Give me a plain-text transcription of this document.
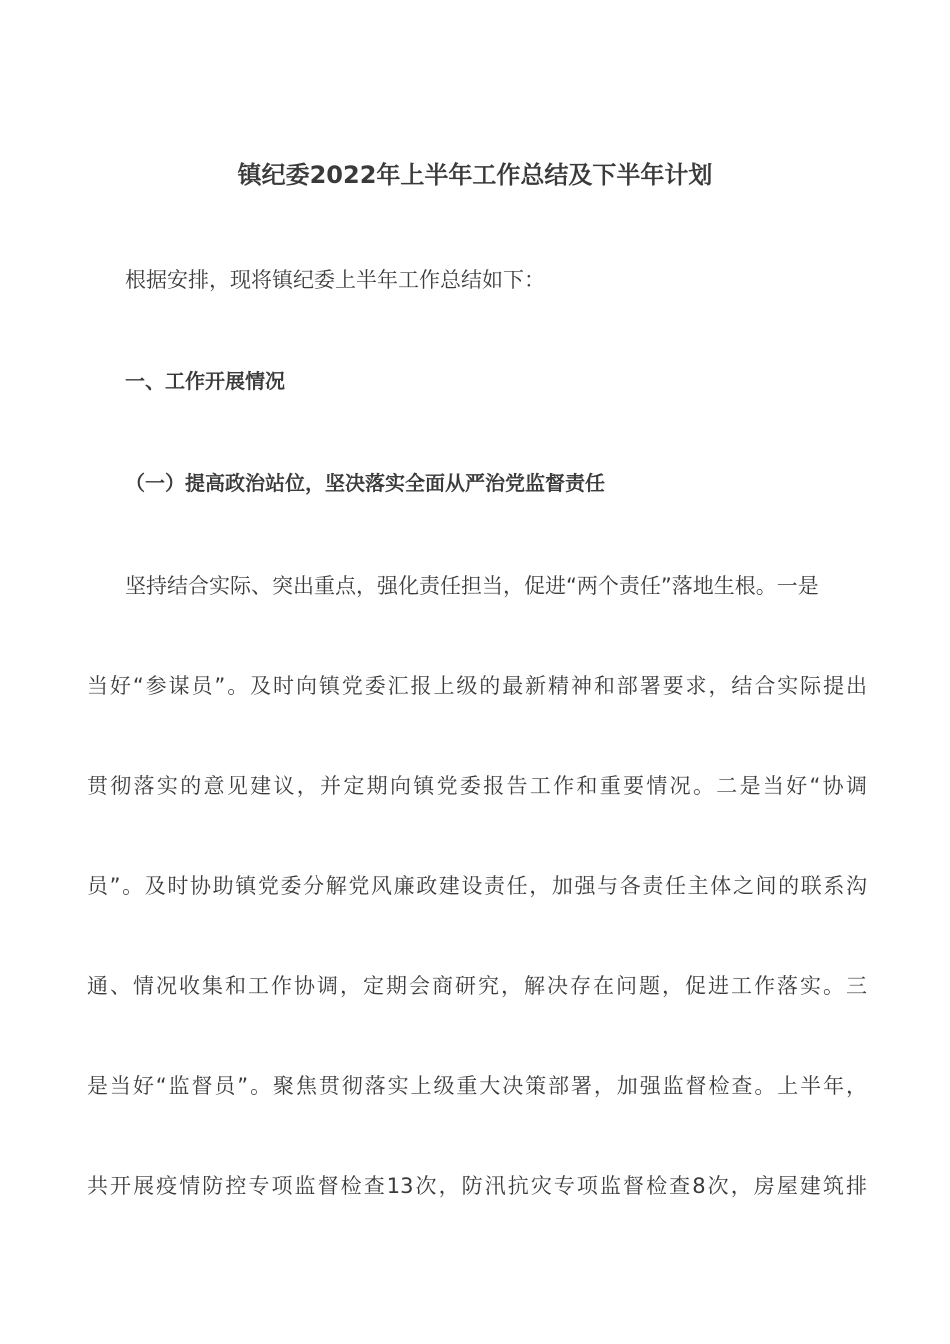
镇纪委2022年上半年工作总结及下半年计划
根据安排，现将镇纪委上半年工作总结如下：
一、工作开展情况
（一）提高政治站位，坚决落实全面从严治党监督责任
坚持结合实际、突出重点，强化责任担当，促进“两个责任”落地生根。一是
当好“参谋员”。及时向镇党委汇报上级的最新精神和部署要求，结合实际提出
贯彻落实的意见建议，并定期向镇党委报告工作和重要情况。二是当好“协调
员”。及时协助镇党委分解党风廉政建设责任，加强与各责任主体之间的联系沟
通、情况收集和工作协调，定期会商研究，解决存在问题，促进工作落实。三
是当好“监督员”。聚焦贯彻落实上级重大决策部署，加强监督检查。上半年，
共开展疫情防控专项监督检查13次，防汛抗灾专项监督检查8次，房屋建筑排
